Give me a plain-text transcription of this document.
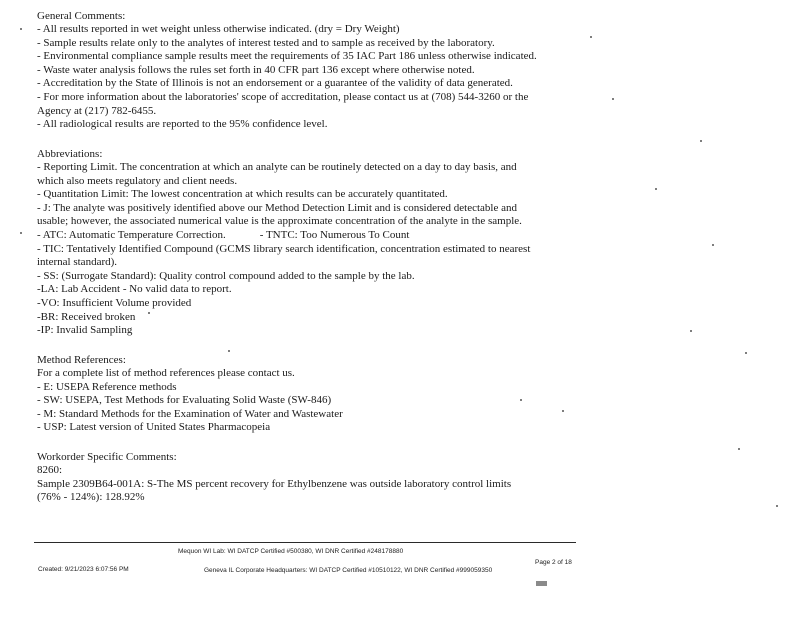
General Comments:

- All results reported in wet weight unless otherwise indicated. (dry = Dry Weight)

- Sample results relate only to the analytes of interest tested and to sample as received by the laboratory.

- Environmental compliance sample results meet the requirements of 35 IAC Part 186 unless otherwise indicated.

- Waste water analysis follows the rules set forth in 40 CFR part 136 except where otherwise noted.

- Accreditation by the State of Illinois is not an endorsement or a guarantee of the validity of data generated.

- For more information about the laboratories' scope of accreditation, please contact us at (708) 544-3260 or the

Agency at (217) 782-6455.

- All radiological results are reported to the 95% confidence level.

Abbreviations:

- Reporting Limit. The concentration at which an analyte can be routinely detected on a day to day basis, and

which also meets regulatory and client needs.

- Quantitation Limit: The lowest concentration at which results can be accurately quantitated.

- J: The analyte was positively identified above our Method Detection Limit and is considered detectable and

usable; however, the associated numerical value is the approximate concentration of the analyte in the sample.

- ATC: Automatic Temperature Correction.	- TNTC: Too Numerous To Count

- TIC: Tentatively Identified Compound (GCMS library search identification, concentration estimated to nearest

internal standard).

- SS: (Surrogate Standard): Quality control compound added to the sample by the lab.

-LA: Lab Accident - No valid data to report.

-VO: Insufficient Volume provided

-BR: Received broken

-IP: Invalid Sampling

Method References:

For a complete list of method references please contact us.

- E: USEPA Reference methods

- SW: USEPA, Test Methods for Evaluating Solid Waste (SW-846)

- M: Standard Methods for the Examination of Water and Wastewater

- USP: Latest version of United States Pharmacopeia

Workorder Specific Comments:

8260:

Sample 2309B64-001A: S-The MS percent recovery for Ethylbenzene was outside laboratory control limits

(76% - 124%): 128.92%

Mequon WI Lab: WI DATCP Certified #500380, WI DNR Certified #248178880
Page 2 of 18
Created: 9/21/2023 6:07:56 PM	Geneva IL Corporate Headquarters: WI DATCP Certified #10510122, WI DNR Certified #999059350
